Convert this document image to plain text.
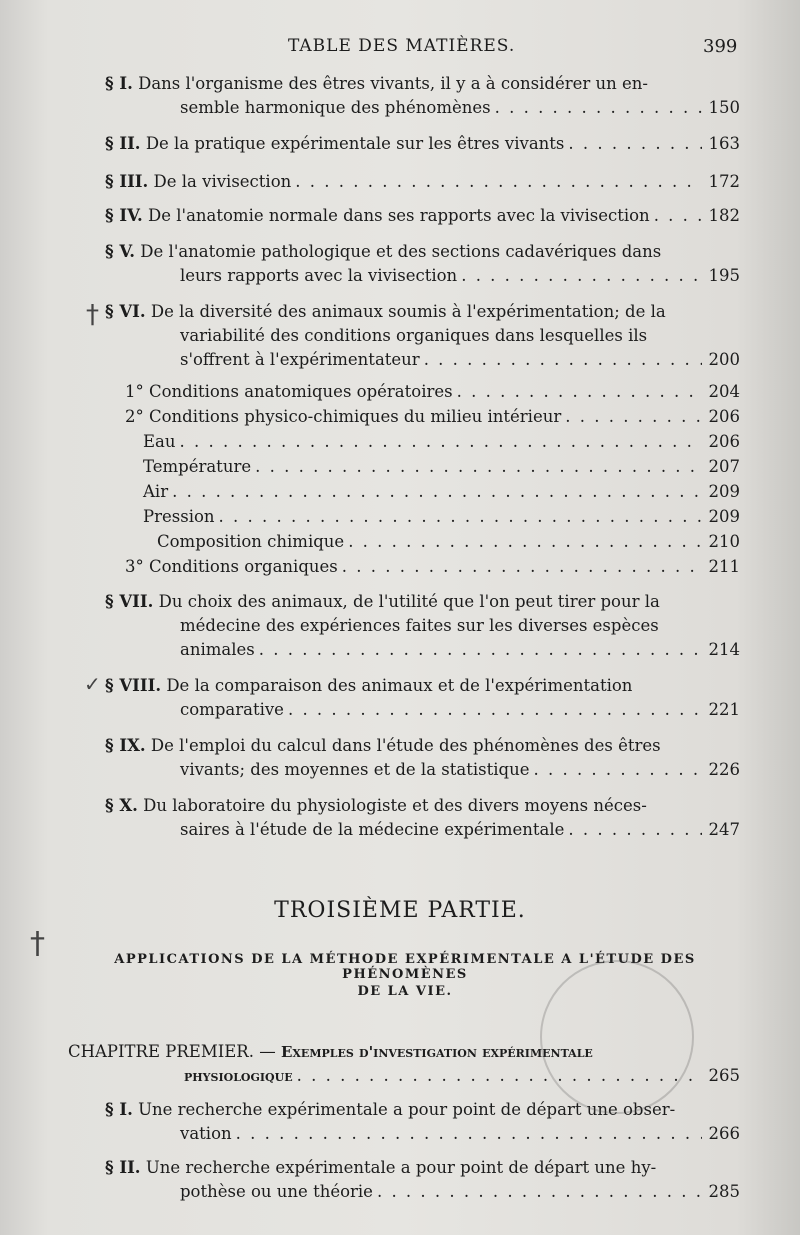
TABLE DES MATIÈRES.	399
§ I. Dans l'organisme des êtres vivants, il y a à considérer un en-
semble harmonique des phénomènes . . .	150
§ II. De la pratique expérimentale sur les êtres vivants . . .	163
§ III. De la vivisection . . .	172
§ IV. De l'anatomie normale dans ses rapports avec la vivisection . . .	182
§ V. De l'anatomie pathologique et des sections cadavériques dans
leurs rapports avec la vivisection . . .	195
§ VI. De la diversité des animaux soumis à l'expérimentation; de la
variabilité des conditions organiques dans lesquelles ils
s'offrent à l'expérimentateur . . .	200
1° Conditions anatomiques opératoires . . .	204
2° Conditions physico-chimiques du milieu intérieur . . .	206
Eau . . .	206
Température . . .	207
Air . . .	209
Pression . . .	209
Composition chimique . . .	210
3° Conditions organiques . . .	211
§ VII. Du choix des animaux, de l'utilité que l'on peut tirer pour la
médecine des expériences faites sur les diverses espèces
animales . . .	214
§ VIII. De la comparaison des animaux et de l'expérimentation
comparative . . .	221
§ IX. De l'emploi du calcul dans l'étude des phénomènes des êtres
vivants; des moyennes et de la statistique . . .	226
§ X. Du laboratoire du physiologiste et des divers moyens néces-
saires à l'étude de la médecine expérimentale . . .	247
TROISIÈME PARTIE.
APPLICATIONS DE LA MÉTHODE EXPÉRIMENTALE A L'ÉTUDE DES PHÉNOMÈNES
DE LA VIE.
CHAPITRE PREMIER. — Exemples d'investigation expérimentale
physiologique . . .	265
§ I. Une recherche expérimentale a pour point de départ une obser-
vation . . .	266
§ II. Une recherche expérimentale a pour point de départ une hy-
pothèse ou une théorie . . .	285
†
✓
†
